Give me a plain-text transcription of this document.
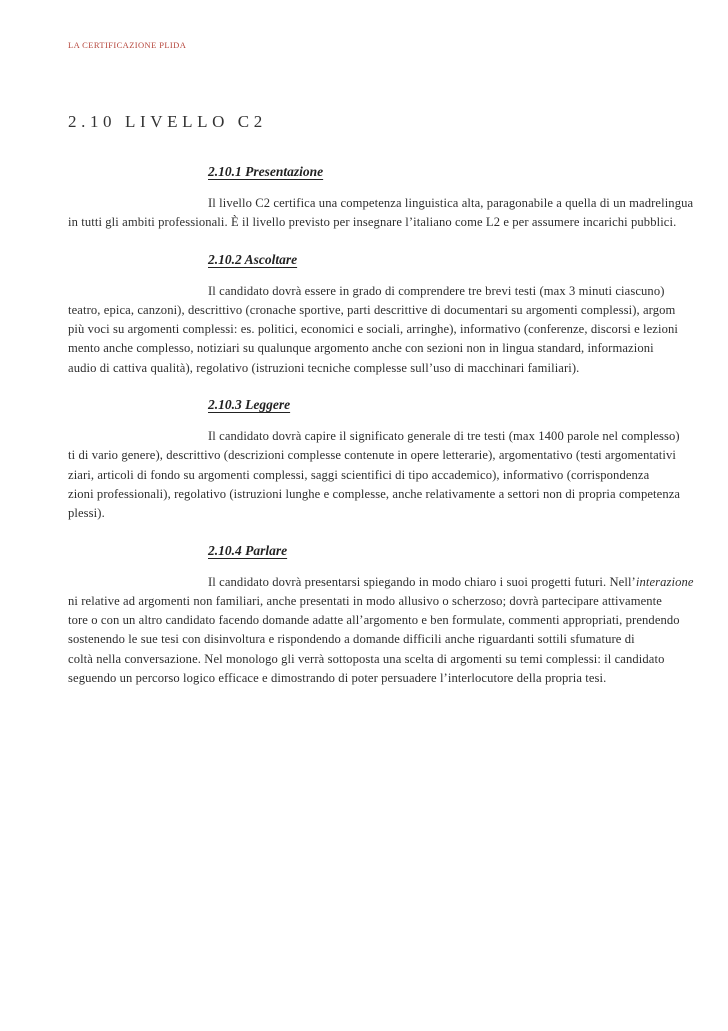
LA CERTIFICAZIONE PLIDA
2.10 LIVELLO C2
2.10.1 Presentazione
Il livello C2 certifica una competenza linguistica alta, paragonabile a quella di un madrelingua
in tutti gli ambiti professionali. È il livello previsto per insegnare l’italiano come L2 e per assumere incarichi pubblici.
2.10.2 Ascoltare
Il candidato dovrà essere in grado di comprendere tre brevi testi (max 3 minuti ciascuno)
teatro, epica, canzoni), descrittivo (cronache sportive, parti descrittive di documentari su argomenti complessi), argom
più voci su argomenti complessi: es. politici, economici e sociali, arringhe), informativo (conferenze, discorsi e lezioni
mento anche complesso, notiziari su qualunque argomento anche con sezioni non in lingua standard, informazioni
audio di cattiva qualità), regolativo (istruzioni tecniche complesse sull’uso di macchinari familiari).
2.10.3 Leggere
Il candidato dovrà capire il significato generale di tre testi (max 1400 parole nel complesso)
ti di vario genere), descrittivo (descrizioni complesse contenute in opere letterarie), argomentativo (testi argomentativi
ziari, articoli di fondo su argomenti complessi, saggi scientifici di tipo accademico), informativo (corrispondenza
zioni professionali), regolativo (istruzioni lunghe e complesse, anche relativamente a settori non di propria competenza
plessi).
2.10.4 Parlare
Il candidato dovrà presentarsi spiegando in modo chiaro i suoi progetti futuri. Nell’interazione
ni relative ad argomenti non familiari, anche presentati in modo allusivo o scherzoso; dovrà partecipare attivamente
tore o con un altro candidato facendo domande adatte all’argomento e ben formulate, commenti appropriati, prendendo
sostenendo le sue tesi con disinvoltura e rispondendo a domande difficili anche riguardanti sottili sfumature di
coltà nella conversazione. Nel monologo gli verrà sottoposta una scelta di argomenti su temi complessi: il candidato
seguendo un percorso logico efficace e dimostrando di poter persuadere l’interlocutore della propria tesi.
